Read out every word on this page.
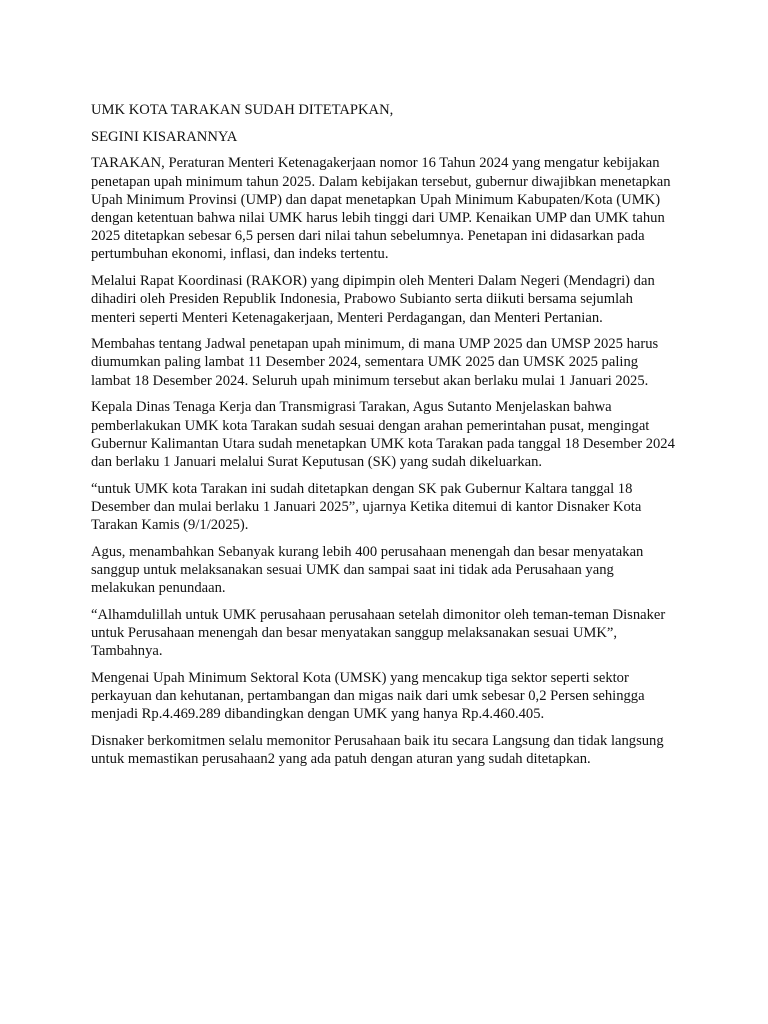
UMK KOTA TARAKAN SUDAH DITETAPKAN,

SEGINI KISARANNYA

TARAKAN, Peraturan Menteri Ketenagakerjaan nomor 16 Tahun 2024 yang mengatur kebijakan penetapan upah minimum tahun 2025. Dalam kebijakan tersebut, gubernur diwajibkan menetapkan Upah Minimum Provinsi (UMP) dan dapat menetapkan Upah Minimum Kabupaten/Kota (UMK) dengan ketentuan bahwa nilai UMK harus lebih tinggi dari UMP. Kenaikan UMP dan UMK tahun 2025 ditetapkan sebesar 6,5 persen dari nilai tahun sebelumnya. Penetapan ini didasarkan pada pertumbuhan ekonomi, inflasi, dan indeks tertentu.

Melalui Rapat Koordinasi (RAKOR) yang dipimpin oleh Menteri Dalam Negeri (Mendagri) dan dihadiri oleh Presiden Republik Indonesia, Prabowo Subianto serta diikuti bersama sejumlah menteri seperti Menteri Ketenagakerjaan, Menteri Perdagangan, dan Menteri Pertanian.

Membahas tentang Jadwal penetapan upah minimum, di mana UMP 2025 dan UMSP 2025 harus diumumkan paling lambat 11 Desember 2024, sementara UMK 2025 dan UMSK 2025 paling lambat 18 Desember 2024. Seluruh upah minimum tersebut akan berlaku mulai 1 Januari 2025.

Kepala Dinas Tenaga Kerja dan Transmigrasi Tarakan, Agus Sutanto Menjelaskan bahwa pemberlakukan UMK kota Tarakan sudah sesuai dengan arahan pemerintahan pusat, mengingat Gubernur Kalimantan Utara sudah menetapkan UMK kota Tarakan pada tanggal 18 Desember 2024 dan berlaku 1 Januari melalui Surat Keputusan (SK) yang sudah dikeluarkan.

“untuk UMK kota Tarakan ini sudah ditetapkan dengan SK pak Gubernur Kaltara tanggal 18 Desember dan mulai berlaku 1 Januari 2025”, ujarnya Ketika ditemui di kantor Disnaker Kota Tarakan Kamis (9/1/2025).

Agus, menambahkan Sebanyak kurang lebih 400 perusahaan menengah dan besar menyatakan sanggup untuk melaksanakan sesuai UMK dan sampai saat ini tidak ada Perusahaan yang melakukan penundaan.

“Alhamdulillah untuk UMK perusahaan perusahaan setelah dimonitor oleh teman-teman Disnaker untuk Perusahaan menengah dan besar menyatakan sanggup melaksanakan sesuai UMK”, Tambahnya.

Mengenai Upah Minimum Sektoral Kota (UMSK) yang mencakup tiga sektor seperti sektor perkayuan dan kehutanan, pertambangan dan migas naik dari umk sebesar 0,2 Persen sehingga menjadi Rp.4.469.289 dibandingkan dengan UMK yang hanya Rp.4.460.405.

Disnaker berkomitmen selalu memonitor Perusahaan baik itu secara Langsung dan tidak langsung untuk memastikan perusahaan2 yang ada patuh dengan aturan yang sudah ditetapkan.
